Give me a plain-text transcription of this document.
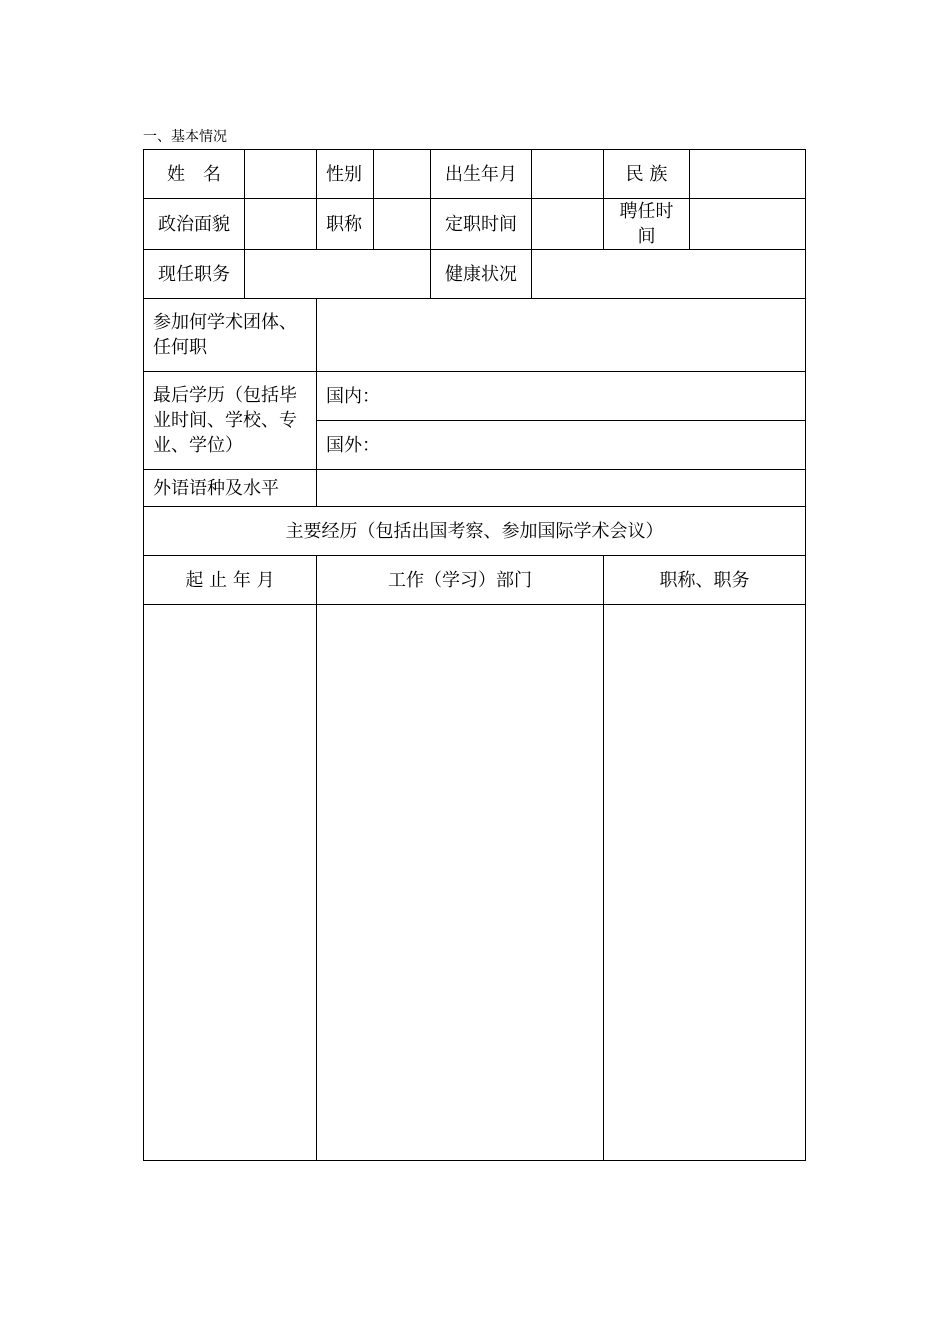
一、基本情况
姓　名		性别		出生年月		民 族	
政治面貌		职称		定职时间		聘任时间	
现任职务				健康状况			
参加何学术团体、任何职							
最后学历（包括毕业时间、学校、专业、学位）		国内：					
		国外：					
外语语种及水平							
主要经历（包括出国考察、参加国际学术会议）							
起 止 年 月		工作（学习）部门				职称、职务	
